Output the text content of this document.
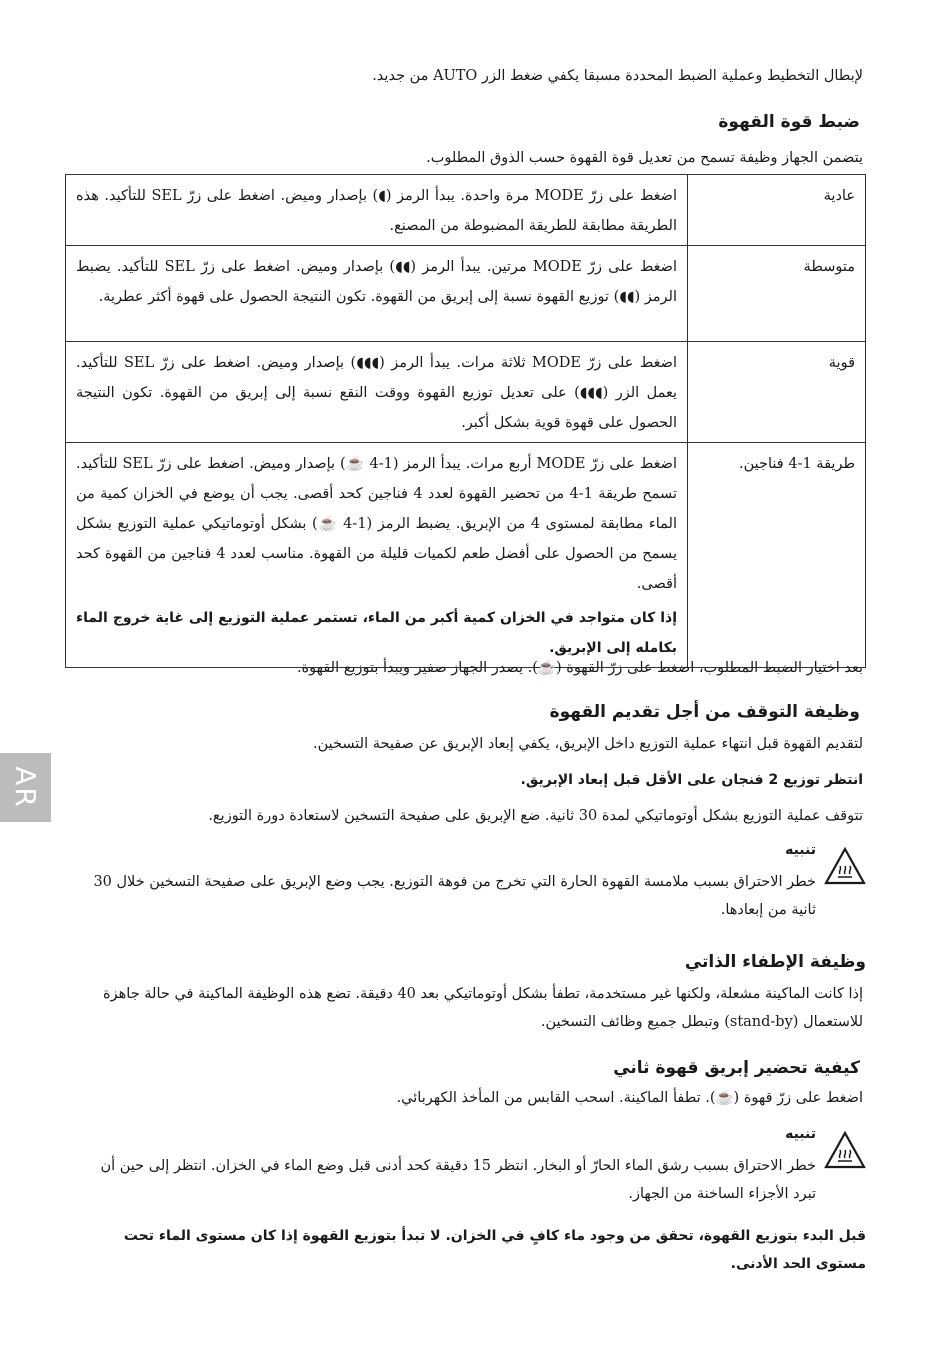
لإبطال التخطيط وعملية الضبط المحددة مسبقا يكفي ضغط الزر AUTO من جديد.
ضبط قوة القهوة
يتضمن الجهاز وظيفة تسمح من تعديل قوة القهوة حسب الذوق المطلوب.
عادية	اضغط على زرّ MODE مرة واحدة. يبدأ الرمز (◖) بإصدار وميض. اضغط على زرّ SEL للتأكيد. هذه الطريقة مطابقة للطريقة المضبوطة من المصنع.
متوسطة	اضغط على زرّ MODE مرتين. يبدأ الرمز (◖◖) بإصدار وميض. اضغط على زرّ SEL للتأكيد. يضبط الرمز (◖◖) توزيع القهوة نسبة إلى إبريق من القهوة. تكون النتيجة الحصول على قهوة أكثر عطرية.
قوية	اضغط على زرّ MODE ثلاثة مرات. يبدأ الرمز (◖◖◖) بإصدار وميض. اضغط على زرّ SEL للتأكيد. يعمل الزر (◖◖◖) على تعديل توزيع القهوة ووقت النقع نسبة إلى إبريق من القهوة. تكون النتيجة الحصول على قهوة قوية بشكل أكبر.
طريقة 1-4 فناجين.	اضغط على زرّ MODE أربع مرات. يبدأ الرمز (1-4 ☕) بإصدار وميض. اضغط على زرّ SEL للتأكيد. تسمح طريقة 1-4 من تحضير القهوة لعدد 4 فناجين كحد أقصى. يجب أن يوضع في الخزان كمية من الماء مطابقة لمستوى 4 من الإبريق. يضبط الرمز (1-4 ☕) بشكل أوتوماتيكي عملية التوزيع بشكل يسمح من الحصول على أفضل طعم لكميات قليلة من القهوة. مناسب لعدد 4 فناجين من القهوة كحد أقصى.
إذا كان متواجد في الخزان كمية أكبر من الماء، تستمر عملية التوزيع إلى غاية خروج الماء بكامله إلى الإبريق.
بعد اختيار الضبط المطلوب، اضغط على زرّ القهوة (☕). يصدر الجهاز صفير ويبدأ بتوزيع القهوة.
وظيفة التوقف من أجل تقديم القهوة
لتقديم القهوة قبل انتهاء عملية التوزيع داخل الإبريق، يكفي إبعاد الإبريق عن صفيحة التسخين.
انتظر توزيع 2 فنجان على الأقل قبل إبعاد الإبريق.
تتوقف عملية التوزيع بشكل أوتوماتيكي لمدة 30 ثانية. ضع الإبريق على صفيحة التسخين لاستعادة دورة التوزيع.
تنبيه
خطر الاحتراق بسبب ملامسة القهوة الحارة التي تخرج من فوهة التوزيع. يجب وضع الإبريق على صفيحة التسخين خلال 30 ثانية من إبعادها.
وظيفة الإطفاء الذاتي
إذا كانت الماكينة مشعلة، ولكنها غير مستخدمة، تطفأ بشكل أوتوماتيكي بعد 40 دقيقة. تضع هذه الوظيفة الماكينة في حالة جاهزة للاستعمال (stand-by) وتبطل جميع وظائف التسخين.
كيفية تحضير إبريق قهوة ثاني
اضغط على زرّ قهوة (☕). تطفأ الماكينة. اسحب القابس من المأخذ الكهربائي.
تنبيه
خطر الاحتراق بسبب رشق الماء الحارّ أو البخار. انتظر 15 دقيقة كحد أدنى قبل وضع الماء في الخزان. انتظر إلى حين أن تبرد الأجزاء الساخنة من الجهاز.
قبل البدء بتوزيع القهوة، تحقق من وجود ماء كافٍ في الخزان. لا تبدأ بتوزيع القهوة إذا كان مستوى الماء تحت مستوى الحد الأدنى.
AR
